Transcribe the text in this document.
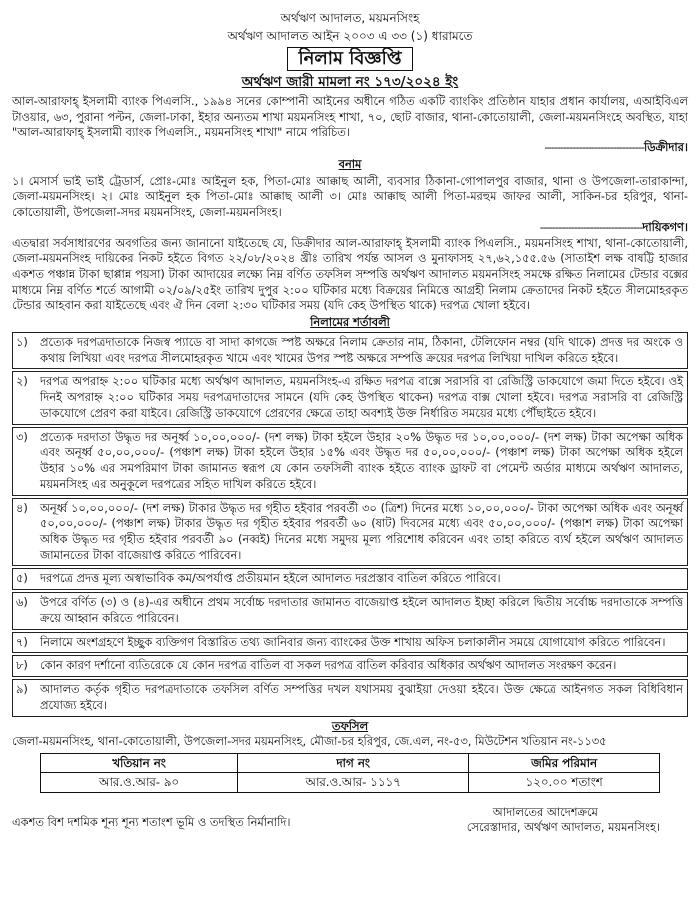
অর্থঋণ আদালত, ময়মনসিংহ
অর্থঋণ আদালত আইন ২০০৩ এ ৩৩ (১) ধারামতে
নিলাম বিজ্ঞপ্তি
অর্থঋণ জারী মামলা নং ১৭৩/২০২৪ ইং

আল-আরাফাহ্ ইসলামী ব্যাংক পিএলসি., ১৯৯৪ সনের কোম্পানী আইনের অধীনে গঠিত একটি ব্যাংকিং প্রতিষ্ঠান যাহার প্রধান কার্যালয়, এআইবিএল টাওয়ার, ৬৩, পুরানা পল্টন, জেলা-ঢাকা, ইহার অন্যতম শাখা ময়মনসিংহ শাখা, ৭০, ছোট বাজার, থানা-কোতোয়ালী, জেলা-ময়মনসিংহে অবস্থিত, যাহা "আল-আরাফাহ্ ইসলামী ব্যাংক পিএলসি., ময়মনসিংহ শাখা" নামে পরিচিত।

--------------------------------ডিক্রীদার।
বনাম

১। মেসার্স ভাই ভাই ট্রেডার্স, প্রোঃ-মোঃ আইনুল হক, পিতা-মোঃ আক্কাছ আলী, ব্যবসার ঠিকানা-গোপালপুর বাজার, থানা ও উপজেলা-তারাকান্দা, জেলা-ময়মনসিংহ। ২। মোঃ আইনুল হক পিতা-মোঃ আক্কাছ আলী ৩। মোঃ আক্কাছ আলী পিতা-মরহুম জাফর আলী, সাকিন-চর হরিপুর, থানা-কোতোয়ালী, উপজেলা-সদর ময়মনসিংহ, জেলা-ময়মনসিংহ।

---------------------------------দায়িকগণ।

এতদ্বারা সর্বসাধারণের অবগতির জন্য জানানো যাইতেছে যে, ডিক্রীদার আল-আরাফাহ্ ইসলামী ব্যাংক পিএলসি., ময়মনসিংহ শাখা, থানা-কোতোয়ালী, জেলা-ময়মনসিংহ দায়িকের নিকট হইতে বিগত ২২/০৮/২০২৪ খ্রীঃ তারিখ পর্যন্ত আসল ও মুনাফাসহ ২৭,৬২,১৫৫.৫৬ (সাতাইশ লক্ষ বাষট্টি হাজার একশত পঞ্চান্ন টাকা ছাপ্পান্ন পয়সা) টাকা আদায়ের লক্ষ্যে নিম্ন বর্ণিত তফসিল সম্পত্তি অর্থঋণ আদালত ময়মনসিংহ সমক্ষে রক্ষিত নিলামের টেন্ডার বক্সের মাধ্যমে নিম্ন বর্ণিত শর্তে আগামী ০২/০৯/২৫ইং তারিখ দুপুর ২:০০ ঘটিকার মধ্যে বিক্রয়ের নিমিত্তে আগ্রহী নিলাম ক্রেতাদের নিকট হইতে সীলমোহরকৃত টেন্ডার আহবান করা যাইতেছে এবং ঐ দিন বেলা ২:৩০ ঘটিকার সময় (যদি কেহ উপস্থিত থাকে) দরপত্র খোলা হইবে।

নিলামের শর্তাবলী
১)	প্রত্যেক দরপত্রদাতাকে নিজস্ব প্যাডে বা সাদা কাগজে স্পষ্ট অক্ষরে নিলাম ক্রেতার নাম, ঠিকানা, টেলিফোন নম্বর (যদি থাকে) প্রদত্ত দর অংকে ও কথায় লিখিয়া এবং দরপত্র সীলমোহরকৃত খামে এবং খামের উপর স্পষ্ট অক্ষরে সম্পত্তি ক্রয়ের দরপত্র লিখিয়া দাখিল করিতে হইবে।
২)	দরপত্র অপরাহ্ন ২:০০ ঘটিকার মধ্যে অর্থঋণ আদালত, ময়মনসিংহ-এ রক্ষিত দরপত্র বাক্সে সরাসরি বা রেজিস্ট্রি ডাকযোগে জমা দিতে হইবে। ওই দিনই অপরাহ্ন ২:০০ ঘটিকার সময় দরপত্রদাতাদের সামনে (যদি কেহ উপস্থিত থাকেন) দরপত্র বাক্স খোলা হইবে। দরপত্র সরাসরি বা রেজিস্ট্রি ডাকযোগে প্রেরণ করা যাইবে। রেজিস্ট্রি ডাকযোগে প্রেরণের ক্ষেত্রে তাহা অবশ্যই উক্ত নির্ধারিত সময়ের মধ্যে পৌঁছাইতে হইবে।
৩)	প্রত্যেক দরদাতা উদ্ধৃত দর অনূর্ধ্ব ১০,০০,০০০/- (দশ লক্ষ) টাকা হইলে উহার ২০% উদ্ধৃত দর ১০,০০,০০০/- (দশ লক্ষ) টাকা অপেক্ষা অধিক এবং অনূর্ধ্ব ৫০,০০,০০০/- (পঞ্চাশ লক্ষ) টাকা হইলে উহার ১৫% এবং উদ্ধৃত দর ৫০,০০,০০০/- (পঞ্চাশ লক্ষ) টাকা অপেক্ষা অধিক হইলে উহার ১০% এর সমপরিমাণ টাকা জামানত স্বরূপ যে কোন তফসিলী ব্যাংক হইতে ব্যাংক ড্রাফট বা পেমেন্ট অর্ডার মাধ্যমে অর্থঋণ আদালত, ময়মনসিংহ এর অনুকূলে দরপত্রের সহিত দাখিল করিতে হইবে।
৪)	অনূর্ধ্ব ১০,০০,০০০/- (দশ লক্ষ) টাকার উদ্ধৃত দর গৃহীত হইবার পরবর্তী ৩০ (ত্রিশ) দিনের মধ্যে ১০,০০,০০০/- টাকা অপেক্ষা অধিক এবং অনূর্ধ্ব ৫০,০০,০০০/- (পঞ্চাশ লক্ষ) টাকার উদ্ধৃত দর গৃহীত হইবার পরবর্তী ৬০ (ষাট) দিবসের মধ্যে এবং ৫০,০০,০০০/- (পঞ্চাশ লক্ষ) টাকা অপেক্ষা অধিক উদ্ধৃত দর গৃহীত হইবার পরবর্তী ৯০ (নব্বই) দিনের মধ্যে সমুদয় মূল্য পরিশোধ করিবেন এবং তাহা করিতে ব্যর্থ হইলে অর্থঋণ আদালত জামানতের টাকা বাজেয়াপ্ত করিতে পারিবেন।
৫)	দরপত্রে প্রদত্ত মূল্য অস্বাভাবিক কম/অপর্যাপ্ত প্রতীয়মান হইলে আদালত দরপ্রস্তাব বাতিল করিতে পারিবে।
৬)	উপরে বর্ণিত (৩) ও (৪)-এর অধীনে প্রথম সর্বোচ্চ দরদাতার জামানত বাজেয়াপ্ত হইলে আদালত ইচ্ছা করিলে দ্বিতীয় সর্বোচ্চ দরদাতাকে সম্পত্তি ক্রয়ে আহ্বান করিতে পারিবেন।
৭)	নিলামে অংশগ্রহণে ইচ্ছুক ব্যক্তিগণ বিস্তারিত তথ্য জানিবার জন্য ব্যাংকের উক্ত শাখায় অফিস চলাকালীন সময়ে যোগাযোগ করিতে পারিবেন।
৮)	কোন কারণ দর্শানো ব্যতিরেকে যে কোন দরপত্র বাতিল বা সকল দরপত্র বাতিল করিবার অধিকার অর্থঋণ আদালত সংরক্ষণ করেন।
৯)	আদালত কর্তৃক গৃহীত দরপত্রদাতাকে তফসিল বর্ণিত সম্পত্তির দখল যথাসময় বুঝাইয়া দেওয়া হইবে। উক্ত ক্ষেত্রে আইনগত সকল বিধিবিধান প্রযোজ্য হইবে।
তফসিল
জেলা-ময়মনসিংহ, থানা-কোতোয়ালী, উপজেলা-সদর ময়মনসিংহ, মৌজা-চর হরিপুর, জে.এল, নং-৫৩, মিউটেশন খতিয়ান নং-১১৩৫
খতিয়ান নং	দাগ নং	জমির পরিমান
আর.ও.আর- ৯০	আর.ও.আর- ১১১৭	১২০.০০ শতাংশ
একশত বিশ দশমিক শূন্য শূন্য শতাংশ ভূমি ও তদস্থিত নির্মানাদি।
আদালতের আদেশক্রমে
সেরেস্তাদার, অর্থঋণ আদালত, ময়মনসিংহ।
